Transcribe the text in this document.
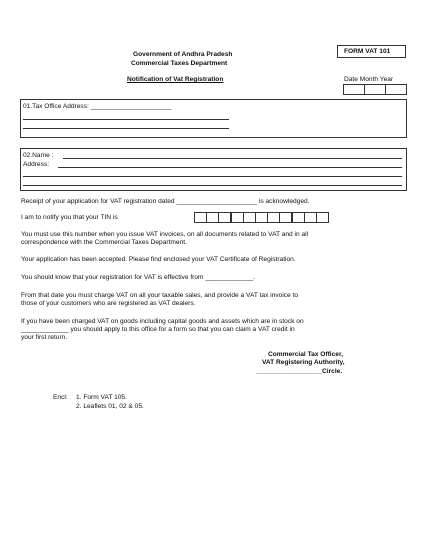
Government of Andhra Pradesh
Commercial Taxes Department
FORM VAT 101
Notification of Vat Registration	Date Month Year
01.Tax Office Address: ______________________
02.Name :
Address:
Receipt of your application for VAT registration dated ______________________ is acknowledged.
I am to notify you that your TIN is
You must use this number when you issue VAT invoices, on all documents related to VAT and in all
correspondence with the Commercial Taxes Department.
Your application has been accepted. Please find enclosed your VAT Certificate of Registration.
You should know that your registration for VAT is effective from _____________.
From that date you must charge VAT on all your taxable sales, and provide a VAT tax invoice to
those of your customers who are registered as VAT dealers.
If you have been charged VAT on goods including capital goods and assets which are in stock on
_____________ you should apply to this office for a form so that you can claim a VAT credit in
your first return.
Commercial Tax Officer,
VAT Registering Authority,
__________________Circle.
Encl: 1. Form VAT 105.
2. Leaflets 01, 02 & 05.
